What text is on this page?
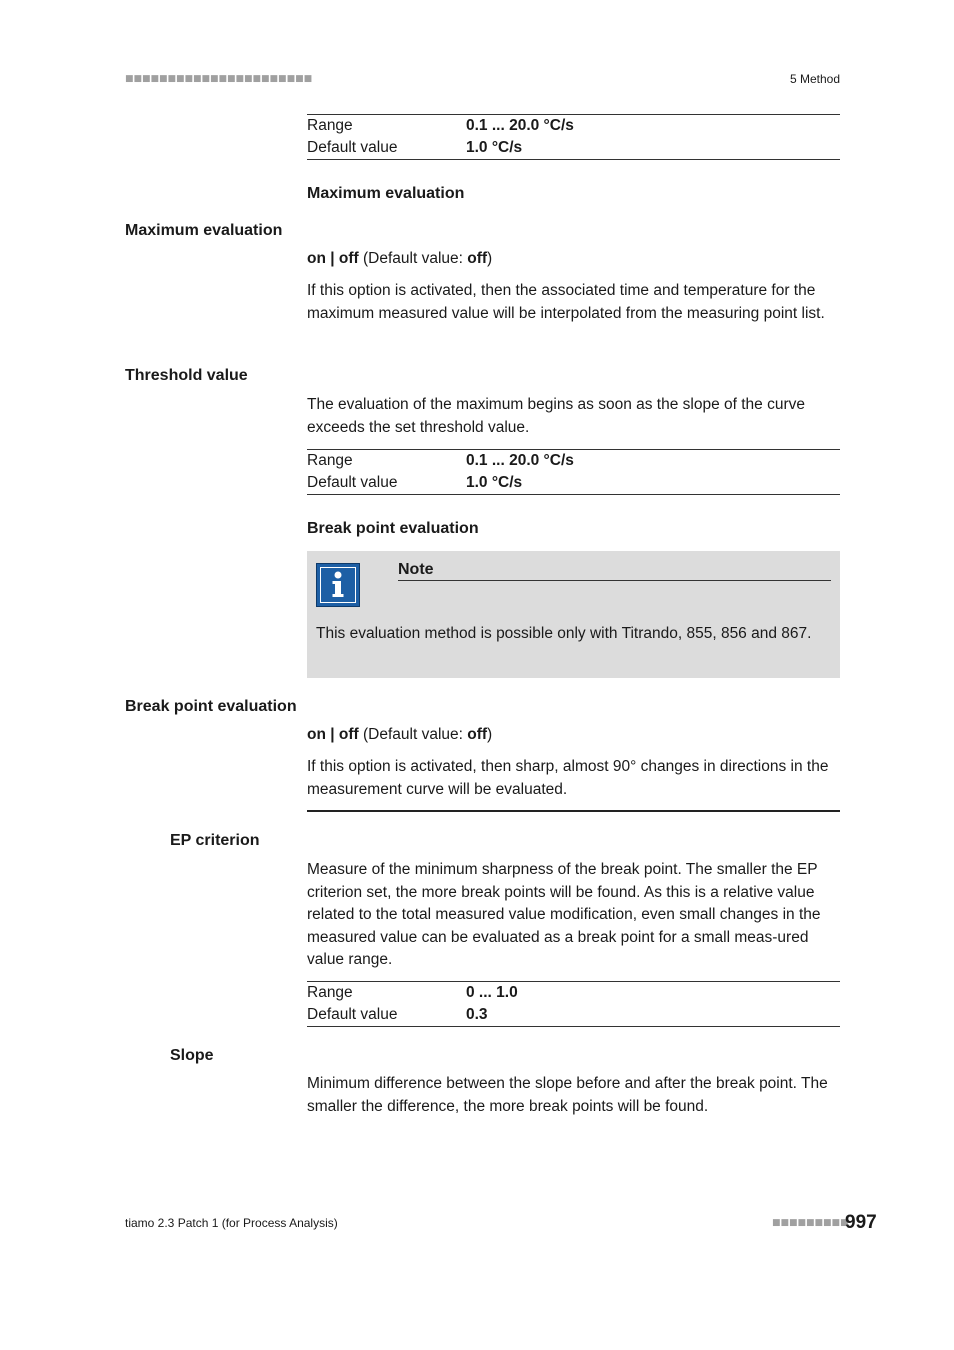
■■■■■■■■■■■■■■■■■■■■■■	5 Method
Range	0.1 ... 20.0 °C/s
Default value	1.0 °C/s
Maximum evaluation
Maximum evaluation
on | off (Default value: off)
If this option is activated, then the associated time and temperature for the maximum measured value will be interpolated from the measuring point list.
Threshold value
The evaluation of the maximum begins as soon as the slope of the curve exceeds the set threshold value.
Range	0.1 ... 20.0 °C/s
Default value	1.0 °C/s
Break point evaluation
Note
This evaluation method is possible only with Titrando, 855, 856 and 867.
Break point evaluation
on | off (Default value: off)
If this option is activated, then sharp, almost 90° changes in directions in the measurement curve will be evaluated.
EP criterion
Measure of the minimum sharpness of the break point. The smaller the EP criterion set, the more break points will be found. As this is a relative value related to the total measured value modification, even small changes in the measured value can be evaluated as a break point for a small meas-ured value range.
Range	0 ... 1.0
Default value	0.3
Slope
Minimum difference between the slope before and after the break point. The smaller the difference, the more break points will be found.
tiamo 2.3 Patch 1 (for Process Analysis)	■■■■■■■■■
997
